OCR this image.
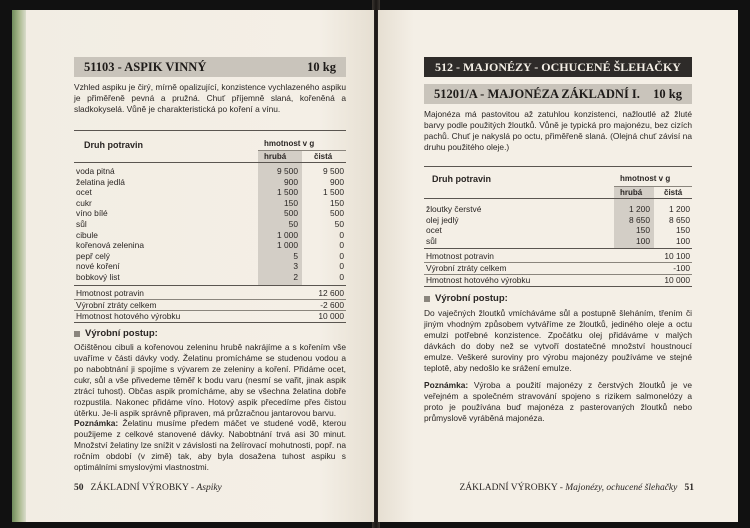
51103 - ASPIK VINNÝ	10 kg
Vzhled aspiku je čirý, mírně opalizující, konzistence vychlazeného aspiku je přiměřeně pevná a pružná. Chuť příjemně slaná, kořeněná a sladkokyselá. Vůně je charakteristická po koření a vínu.
Druh potravin	hmotnost v g
hrubá	čistá
voda pitná	9 500	9 500
želatina jedlá	900	900
ocet	1 500	1 500
cukr	150	150
víno bílé	500	500
sůl	50	50
cibule	1 000	0
kořenová zelenina	1 000	0
pepř celý	5	0
nové koření	3	0
bobkový list	2	0
Hmotnost potravin	12 600
Výrobní ztráty celkem	-2 600
Hmotnost hotového výrobku	10 000
Výrobní postup:
Očištěnou cibuli a kořenovou zeleninu hrubě nakrájíme a s kořením vše uvaříme v části dávky vody. Želatinu promícháme se studenou vodou a po nabobtnání ji spojíme s vývarem ze zeleniny a koření. Přidáme ocet, cukr, sůl a vše přivedeme těměř k bodu varu (nesmí se vařit, jinak aspik ztrácí tuhost). Občas aspik promícháme, aby se všechna želatina dobře rozpustila. Nakonec přidáme víno. Hotový aspik přecedíme přes čistou útěrku. Je-li aspik správně připraven, má průzračnou jantarovou barvu.
Poznámka: Želatinu musíme předem máčet ve studené vodě, kterou použijeme z celkové stanovené dávky. Nabobtnání trvá asi 30 minut. Množství želatiny lze snížit v závislosti na želírovací mohutnosti, popř. na ročním období (v zimě) tak, aby byla dosažena tuhost aspiku s optimálními smyslovými vlastnostmi.
50 ZÁKLADNÍ VÝROBKY - Aspiky
512 - MAJONÉZY - OCHUCENÉ ŠLEHAČKY
51201/A - MAJONÉZA ZÁKLADNÍ I. 10 kg
Majonéza má pastovitou až zatuhlou konzistenci, nažloutlé až žluté barvy podle použitých žloutků. Vůně je typická pro majonézu, bez cizích pachů. Chuť je nakyslá po octu, přiměřeně slaná. (Olejná chuť závisí na druhu použitého oleje.)
Druh potravin	hmotnost v g
hrubá	čistá
žloutky čerstvé	1 200	1 200
olej jedlý	8 650	8 650
ocet	150	150
sůl	100	100
Hmotnost potravin	10 100
Výrobní ztráty celkem	-100
Hmotnost hotového výrobku	10 000
Výrobní postup:
Do vaječných žloutků vmícháváme sůl a postupně šleháním, třením či jiným vhodným způsobem vytváříme ze žloutků, jediného oleje a octu emulzi potřebné konzistence. Zpočátku olej přidáváme v malých dávkách do doby než se vytvoří dostatečné množství houstnoucí emulze. Veškeré suroviny pro výrobu majonézy používáme ve stejné teplotě, aby nedošlo ke srážení emulze.
Poznámka: Výroba a použití majonézy z čerstvých žloutků je ve veřejném a společném stravování spojeno s rizikem salmonelózy a proto je používána buď majonéza z pasterovaných žloutků nebo průmyslově vyráběná majonéza.
ZÁKLADNÍ VÝROBKY - Majonézy, ochucené šlehačky 51
